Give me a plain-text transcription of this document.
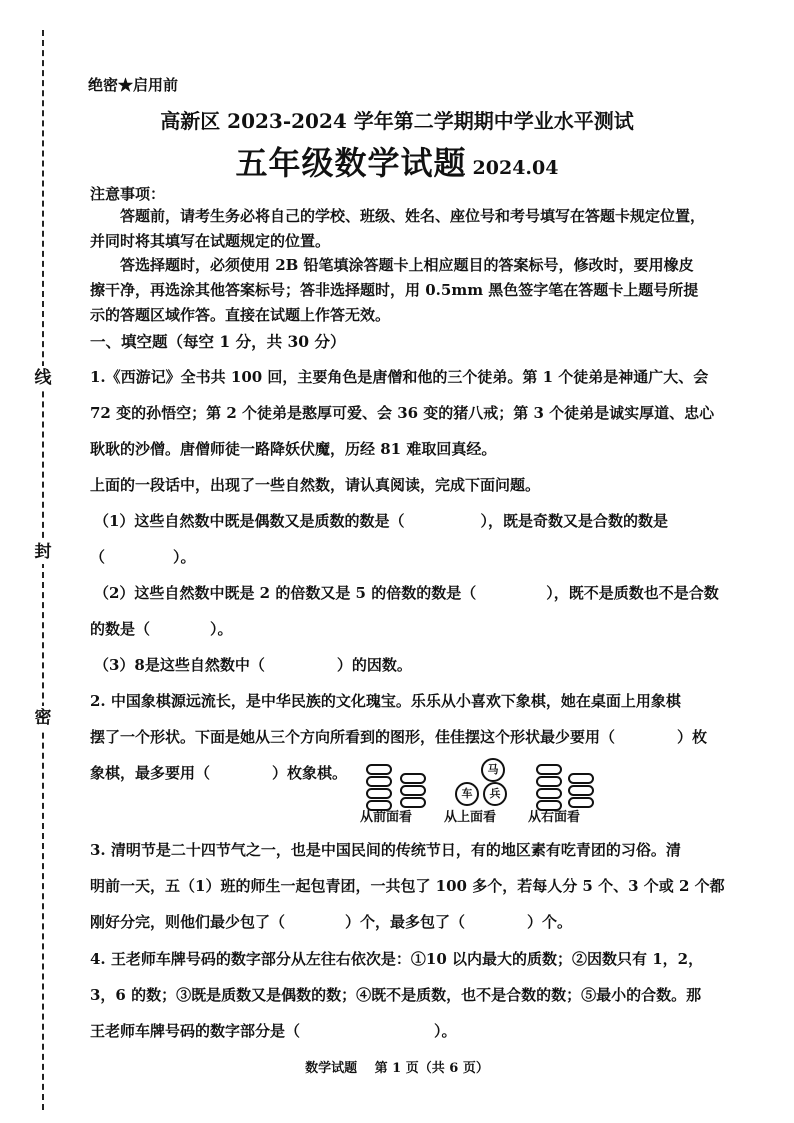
线
封
密
绝密★启用前
高新区 2023-2024 学年第二学期期中学业水平测试
五年级数学试题 2024.04
注意事项：
答题前，请考生务必将自己的学校、班级、姓名、座位号和考号填写在答题卡规定位置，
并同时将其填写在试题规定的位置。
答选择题时，必须使用 2B 铅笔填涂答题卡上相应题目的答案标号，修改时，要用橡皮
擦干净，再选涂其他答案标号；答非选择题时，用 0.5mm 黑色签字笔在答题卡上题号所提
示的答题区域作答。直接在试题上作答无效。
一、填空题（每空 1 分，共 30 分）
1.《西游记》全书共 100 回，主要角色是唐僧和他的三个徒弟。第 1 个徒弟是神通广大、会
72 变的孙悟空；第 2 个徒弟是憨厚可爱、会 36 变的猪八戒；第 3 个徒弟是诚实厚道、忠心
耿耿的沙僧。唐僧师徒一路降妖伏魔，历经 81 难取回真经。
上面的一段话中，出现了一些自然数，请认真阅读，完成下面问题。
（1）这些自然数中既是偶数又是质数的数是（	），既是奇数又是合数的数是
（	）。
（2）这些自然数中既是 2 的倍数又是 5 的倍数的数是（	），既不是质数也不是合数
的数是（	）。
（3）8是这些自然数中（	）的因数。
2. 中国象棋源远流长，是中华民族的文化瑰宝。乐乐从小喜欢下象棋，她在桌面上用象棋
摆了一个形状。下面是她从三个方向所看到的图形，佳佳摆这个形状最少要用（	）枚
象棋，最多要用（	）枚象棋。	马
车	兵
从前面看 从上面看 从右面看
3. 清明节是二十四节气之一，也是中国民间的传统节日，有的地区素有吃青团的习俗。清
明前一天，五（1）班的师生一起包青团，一共包了 100 多个，若每人分 5 个、3 个或 2 个都
刚好分完，则他们最少包了（	）个，最多包了（	）个。
4. 王老师车牌号码的数字部分从左往右依次是：①10 以内最大的质数；②因数只有 1，2，
3，6 的数；③既是质数又是偶数的数；④既不是质数，也不是合数的数；⑤最小的合数。那
王老师车牌号码的数字部分是（	）。
数学试题　 第 1 页（共 6 页）
